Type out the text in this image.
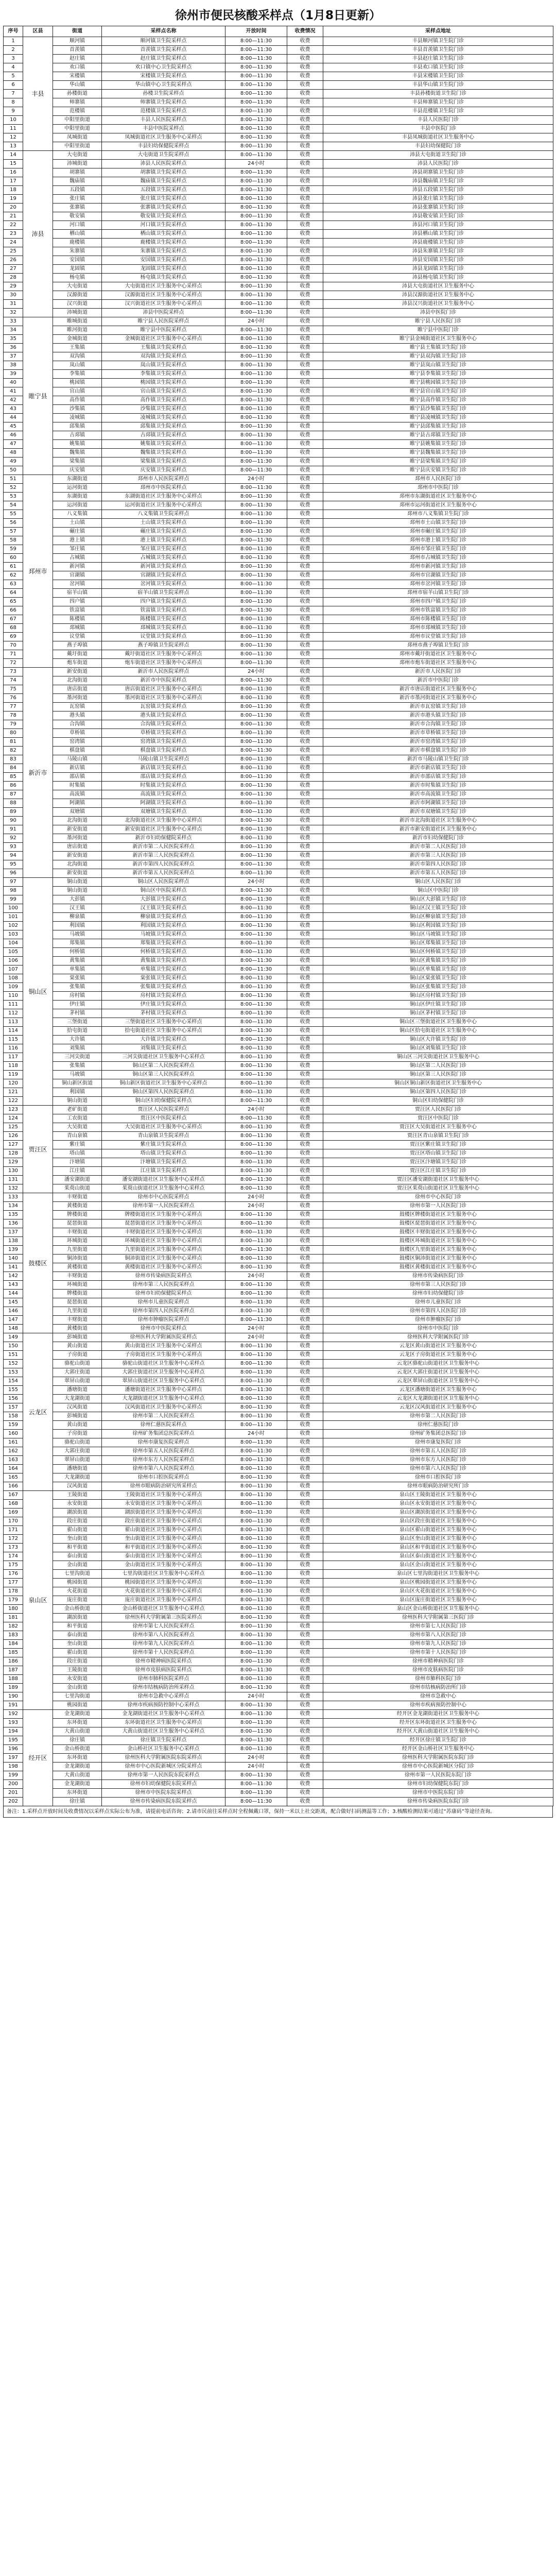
徐州市便民核酸采样点（1月8日更新）
序号	区县	街道	采样点名称	开放时间	收费情况	采样点地址
1	丰县	顺河镇	顺河镇卫生院采样点	8:00—11:30	收费	丰县顺河镇卫生院门诊
2		首羡镇	首羡镇卫生院采样点	8:00—11:30	收费	丰县首羡镇卫生院门诊
3		赵庄镇	赵庄镇卫生院采样点	8:00—11:30	收费	丰县赵庄镇卫生院门诊
4		欢口镇	欢口镇中心卫生院采样点	8:00—11:30	收费	丰县欢口镇卫生院门诊
5		宋楼镇	宋楼镇卫生院采样点	8:00—11:30	收费	丰县宋楼镇卫生院门诊
6		华山镇	华山镇中心卫生院采样点	8:00—11:30	收费	丰县华山镇卫生院门诊
7		孙楼街道	孙楼卫生院采样点	8:00—11:30	收费	丰县孙楼街道卫生院门诊
8		师寨镇	师寨镇卫生院采样点	8:00—11:30	收费	丰县师寨镇卫生院门诊
9		范楼镇	范楼镇卫生院采样点	8:00—11:30	收费	丰县范楼镇卫生院门诊
10		中阳里街道	丰县人民医院采样点	8:00—11:30	收费	丰县人民医院门诊
11		中阳里街道	丰县中医院采样点	8:00—11:30	收费	丰县中医院门诊
12		凤城街道	凤城街道社区卫生服务中心采样点	8:00—11:30	收费	丰县凤城街道社区卫生服务中心
13		中阳里街道	丰县妇幼保健院采样点	8:00—11:30	收费	丰县妇幼保健院门诊
14	沛县	大屯街道	大屯街道卫生院采样点	8:00—11:30	收费	沛县大屯街道卫生院门诊
15		沛城街道	沛县人民医院采样点	24小时	收费	沛县人民医院门诊
16		胡寨镇	胡寨镇卫生院采样点	8:00—11:30	收费	沛县胡寨镇卫生院门诊
17		魏庙镇	魏庙镇卫生院采样点	8:00—11:30	收费	沛县魏庙镇卫生院门诊
18		五段镇	五段镇卫生院采样点	8:00—11:30	收费	沛县五段镇卫生院门诊
19		张庄镇	张庄镇卫生院采样点	8:00—11:30	收费	沛县张庄镇卫生院门诊
20		张寨镇	张寨镇卫生院采样点	8:00—11:30	收费	沛县张寨镇卫生院门诊
21		敬安镇	敬安镇卫生院采样点	8:00—11:30	收费	沛县敬安镇卫生院门诊
22		河口镇	河口镇卫生院采样点	8:00—11:30	收费	沛县河口镇卫生院门诊
23		栖山镇	栖山镇卫生院采样点	8:00—11:30	收费	沛县栖山镇卫生院门诊
24		鹿楼镇	鹿楼镇卫生院采样点	8:00—11:30	收费	沛县鹿楼镇卫生院门诊
25		朱寨镇	朱寨镇卫生院采样点	8:00—11:30	收费	沛县朱寨镇卫生院门诊
26		安国镇	安国镇卫生院采样点	8:00—11:30	收费	沛县安国镇卫生院门诊
27		龙固镇	龙固镇卫生院采样点	8:00—11:30	收费	沛县龙固镇卫生院门诊
28		杨屯镇	杨屯镇卫生院采样点	8:00—11:30	收费	沛县杨屯镇卫生院门诊
29		大屯街道	大屯街道社区卫生服务中心采样点	8:00—11:30	收费	沛县大屯街道社区卫生服务中心
30		汉源街道	汉源街道社区卫生服务中心采样点	8:00—11:30	收费	沛县汉源街道社区卫生服务中心
31		汉兴街道	汉兴街道社区卫生服务中心采样点	8:00—11:30	收费	沛县汉兴街道社区卫生服务中心
32		沛城街道	沛县中医院采样点	8:00—11:30	收费	沛县中医院门诊
33	睢宁县	睢城街道	睢宁县人民医院采样点	24小时	收费	睢宁县人民医院门诊
34		睢河街道	睢宁县中医院采样点	8:00—11:30	收费	睢宁县中医院门诊
35		金城街道	金城街道社区卫生服务中心采样点	8:00—11:30	收费	睢宁县金城街道社区卫生服务中心
36		王集镇	王集镇卫生院采样点	8:00—11:30	收费	睢宁县王集镇卫生院门诊
37		双沟镇	双沟镇卫生院采样点	8:00—11:30	收费	睢宁县双沟镇卫生院门诊
38		岚山镇	岚山镇卫生院采样点	8:00—11:30	收费	睢宁县岚山镇卫生院门诊
39		李集镇	李集镇卫生院采样点	8:00—11:30	收费	睢宁县李集镇卫生院门诊
40		桃园镇	桃园镇卫生院采样点	8:00—11:30	收费	睢宁县桃园镇卫生院门诊
41		官山镇	官山镇卫生院采样点	8:00—11:30	收费	睢宁县官山镇卫生院门诊
42		高作镇	高作镇卫生院采样点	8:00—11:30	收费	睢宁县高作镇卫生院门诊
43		沙集镇	沙集镇卫生院采样点	8:00—11:30	收费	睢宁县沙集镇卫生院门诊
44		凌城镇	凌城镇卫生院采样点	8:00—11:30	收费	睢宁县凌城镇卫生院门诊
45		邱集镇	邱集镇卫生院采样点	8:00—11:30	收费	睢宁县邱集镇卫生院门诊
46		古邳镇	古邳镇卫生院采样点	8:00—11:30	收费	睢宁县古邳镇卫生院门诊
47		姚集镇	姚集镇卫生院采样点	8:00—11:30	收费	睢宁县姚集镇卫生院门诊
48		魏集镇	魏集镇卫生院采样点	8:00—11:30	收费	睢宁县魏集镇卫生院门诊
49		梁集镇	梁集镇卫生院采样点	8:00—11:30	收费	睢宁县梁集镇卫生院门诊
50		庆安镇	庆安镇卫生院采样点	8:00—11:30	收费	睢宁县庆安镇卫生院门诊
51	邳州市	东湖街道	邳州市人民医院采样点	24小时	收费	邳州市人民医院门诊
52		运河街道	邳州市中医院采样点	8:00—11:30	收费	邳州市中医院门诊
53		东湖街道	东湖街道社区卫生服务中心采样点	8:00—11:30	收费	邳州市东湖街道社区卫生服务中心
54		运河街道	运河街道社区卫生服务中心采样点	8:00—11:30	收费	邳州市运河街道社区卫生服务中心
55		八义集镇	八义集镇卫生院采样点	8:00—11:30	收费	邳州市八义集镇卫生院门诊
56		土山镇	土山镇卫生院采样点	8:00—11:30	收费	邳州市土山镇卫生院门诊
57		碾庄镇	碾庄镇卫生院采样点	8:00—11:30	收费	邳州市碾庄镇卫生院门诊
58		港上镇	港上镇卫生院采样点	8:00—11:30	收费	邳州市港上镇卫生院门诊
59		邹庄镇	邹庄镇卫生院采样点	8:00—11:30	收费	邳州市邹庄镇卫生院门诊
60		占城镇	占城镇卫生院采样点	8:00—11:30	收费	邳州市占城镇卫生院门诊
61		新河镇	新河镇卫生院采样点	8:00—11:30	收费	邳州市新河镇卫生院门诊
62		官湖镇	官湖镇卫生院采样点	8:00—11:30	收费	邳州市官湖镇卫生院门诊
63		岔河镇	岔河镇卫生院采样点	8:00—11:30	收费	邳州市岔河镇卫生院门诊
64		宿羊山镇	宿羊山镇卫生院采样点	8:00—11:30	收费	邳州市宿羊山镇卫生院门诊
65		四户镇	四户镇卫生院采样点	8:00—11:30	收费	邳州市四户镇卫生院门诊
66		铁富镇	铁富镇卫生院采样点	8:00—11:30	收费	邳州市铁富镇卫生院门诊
67		陈楼镇	陈楼镇卫生院采样点	8:00—11:30	收费	邳州市陈楼镇卫生院门诊
68		邳城镇	邳城镇卫生院采样点	8:00—11:30	收费	邳州市邳城镇卫生院门诊
69		议堂镇	议堂镇卫生院采样点	8:00—11:30	收费	邳州市议堂镇卫生院门诊
70		燕子埠镇	燕子埠镇卫生院采样点	8:00—11:30	收费	邳州市燕子埠镇卫生院门诊
71		戴圩街道	戴圩街道社区卫生服务中心采样点	8:00—11:30	收费	邳州市戴圩街道社区卫生服务中心
72		炮车街道	炮车街道社区卫生服务中心采样点	8:00—11:30	收费	邳州市炮车街道社区卫生服务中心
73	新沂市	新安街道	新沂市人民医院采样点	24小时	收费	新沂市人民医院门诊
74		北沟街道	新沂市中医院采样点	8:00—11:30	收费	新沂市中医院门诊
75		唐店街道	唐店街道社区卫生服务中心采样点	8:00—11:30	收费	新沂市唐店街道社区卫生服务中心
76		墨河街道	墨河街道社区卫生服务中心采样点	8:00—11:30	收费	新沂市墨河街道社区卫生服务中心
77		瓦窑镇	瓦窑镇卫生院采样点	8:00—11:30	收费	新沂市瓦窑镇卫生院门诊
78		港头镇	港头镇卫生院采样点	8:00—11:30	收费	新沂市港头镇卫生院门诊
79		合沟镇	合沟镇卫生院采样点	8:00—11:30	收费	新沂市合沟镇卫生院门诊
80		草桥镇	草桥镇卫生院采样点	8:00—11:30	收费	新沂市草桥镇卫生院门诊
81		窑湾镇	窑湾镇卫生院采样点	8:00—11:30	收费	新沂市窑湾镇卫生院门诊
82		棋盘镇	棋盘镇卫生院采样点	8:00—11:30	收费	新沂市棋盘镇卫生院门诊
83		马陵山镇	马陵山镇卫生院采样点	8:00—11:30	收费	新沂市马陵山镇卫生院门诊
84		新店镇	新店镇卫生院采样点	8:00—11:30	收费	新沂市新店镇卫生院门诊
85		邵店镇	邵店镇卫生院采样点	8:00—11:30	收费	新沂市邵店镇卫生院门诊
86		时集镇	时集镇卫生院采样点	8:00—11:30	收费	新沂市时集镇卫生院门诊
87		高流镇	高流镇卫生院采样点	8:00—11:30	收费	新沂市高流镇卫生院门诊
88		阿湖镇	阿湖镇卫生院采样点	8:00—11:30	收费	新沂市阿湖镇卫生院门诊
89		双塘镇	双塘镇卫生院采样点	8:00—11:30	收费	新沂市双塘镇卫生院门诊
90		北沟街道	北沟街道社区卫生服务中心采样点	8:00—11:30	收费	新沂市北沟街道社区卫生服务中心
91		新安街道	新安街道社区卫生服务中心采样点	8:00—11:30	收费	新沂市新安街道社区卫生服务中心
92		墨河街道	新沂市妇幼保健院采样点	8:00—11:30	收费	新沂市妇幼保健院门诊
93		唐店街道	新沂市第二人民医院采样点	8:00—11:30	收费	新沂市第二人民医院门诊
94		新安街道	新沂市第三人民医院采样点	8:00—11:30	收费	新沂市第三人民医院门诊
95		北沟街道	新沂市第四人民医院采样点	8:00—11:30	收费	新沂市第四人民医院门诊
96		新安街道	新沂市第五人民医院采样点	8:00—11:30	收费	新沂市第五人民医院门诊
97	铜山区	铜山街道	铜山区人民医院采样点	24小时	收费	铜山区人民医院门诊
98		铜山街道	铜山区中医院采样点	8:00—11:30	收费	铜山区中医院门诊
99		大彭镇	大彭镇卫生院采样点	8:00—11:30	收费	铜山区大彭镇卫生院门诊
100		汉王镇	汉王镇卫生院采样点	8:00—11:30	收费	铜山区汉王镇卫生院门诊
101		柳泉镇	柳泉镇卫生院采样点	8:00—11:30	收费	铜山区柳泉镇卫生院门诊
102		利国镇	利国镇卫生院采样点	8:00—11:30	收费	铜山区利国镇卫生院门诊
103		马坡镇	马坡镇卫生院采样点	8:00—11:30	收费	铜山区马坡镇卫生院门诊
104		郑集镇	郑集镇卫生院采样点	8:00—11:30	收费	铜山区郑集镇卫生院门诊
105		何桥镇	何桥镇卫生院采样点	8:00—11:30	收费	铜山区何桥镇卫生院门诊
106		黄集镇	黄集镇卫生院采样点	8:00—11:30	收费	铜山区黄集镇卫生院门诊
107		单集镇	单集镇卫生院采样点	8:00—11:30	收费	铜山区单集镇卫生院门诊
108		棠张镇	棠张镇卫生院采样点	8:00—11:30	收费	铜山区棠张镇卫生院门诊
109		张集镇	张集镇卫生院采样点	8:00—11:30	收费	铜山区张集镇卫生院门诊
110		房村镇	房村镇卫生院采样点	8:00—11:30	收费	铜山区房村镇卫生院门诊
111		伊庄镇	伊庄镇卫生院采样点	8:00—11:30	收费	铜山区伊庄镇卫生院门诊
112		茅村镇	茅村镇卫生院采样点	8:00—11:30	收费	铜山区茅村镇卫生院门诊
113		三堡街道	三堡街道社区卫生服务中心采样点	8:00—11:30	收费	铜山区三堡街道社区卫生服务中心
114		拾屯街道	拾屯街道社区卫生服务中心采样点	8:00—11:30	收费	铜山区拾屯街道社区卫生服务中心
115		大许镇	大许镇卫生院采样点	8:00—11:30	收费	铜山区大许镇卫生院门诊
116		刘集镇	刘集镇卫生院采样点	8:00—11:30	收费	铜山区刘集镇卫生院门诊
117		三河尖街道	三河尖街道社区卫生服务中心采样点	8:00—11:30	收费	铜山区三河尖街道社区卫生服务中心
118		张集镇	铜山区第二人民医院采样点	8:00—11:30	收费	铜山区第二人民医院门诊
119		马坡镇	铜山区第三人民医院采样点	8:00—11:30	收费	铜山区第三人民医院门诊
120		铜山新区街道	铜山新区街道社区卫生服务中心采样点	8:00—11:30	收费	铜山区铜山新区街道社区卫生服务中心
121		利国镇	铜山区第四人民医院采样点	8:00—11:30	收费	铜山区第四人民医院门诊
122		铜山街道	铜山区妇幼保健院采样点	8:00—11:30	收费	铜山区妇幼保健院门诊
123	贾汪区	老矿街道	贾汪区人民医院采样点	24小时	收费	贾汪区人民医院门诊
124		工农街道	贾汪区中医院采样点	8:00—11:30	收费	贾汪区中医院门诊
125		大吴街道	大吴街道社区卫生服务中心采样点	8:00—11:30	收费	贾汪区大吴街道社区卫生服务中心
126		青山泉镇	青山泉镇卫生院采样点	8:00—11:30	收费	贾汪区青山泉镇卫生院门诊
127		紫庄镇	紫庄镇卫生院采样点	8:00—11:30	收费	贾汪区紫庄镇卫生院门诊
128		塔山镇	塔山镇卫生院采样点	8:00—11:30	收费	贾汪区塔山镇卫生院门诊
129		汴塘镇	汴塘镇卫生院采样点	8:00—11:30	收费	贾汪区汴塘镇卫生院门诊
130		江庄镇	江庄镇卫生院采样点	8:00—11:30	收费	贾汪区江庄镇卫生院门诊
131		潘安湖街道	潘安湖街道社区卫生服务中心采样点	8:00—11:30	收费	贾汪区潘安湖街道社区卫生服务中心
132		茱萸山街道	茱萸山街道社区卫生服务中心采样点	8:00—11:30	收费	贾汪区茱萸山街道社区卫生服务中心
133	鼓楼区	丰财街道	徐州市中心医院采样点	24小时	收费	徐州市中心医院门诊
134		黄楼街道	徐州市第一人民医院采样点	24小时	收费	徐州市第一人民医院门诊
135		牌楼街道	牌楼街道社区卫生服务中心采样点	8:00—11:30	收费	鼓楼区牌楼街道社区卫生服务中心
136		琵琶街道	琵琶街道社区卫生服务中心采样点	8:00—11:30	收费	鼓楼区琵琶街道社区卫生服务中心
137		丰财街道	丰财街道社区卫生服务中心采样点	8:00—11:30	收费	鼓楼区丰财街道社区卫生服务中心
138		环城街道	环城街道社区卫生服务中心采样点	8:00—11:30	收费	鼓楼区环城街道社区卫生服务中心
139		九里街道	九里街道社区卫生服务中心采样点	8:00—11:30	收费	鼓楼区九里街道社区卫生服务中心
140		铜沛街道	铜沛街道社区卫生服务中心采样点	8:00—11:30	收费	鼓楼区铜沛街道社区卫生服务中心
141		黄楼街道	黄楼街道社区卫生服务中心采样点	8:00—11:30	收费	鼓楼区黄楼街道社区卫生服务中心
142		丰财街道	徐州市传染病医院采样点	24小时	收费	徐州市传染病医院门诊
143		环城街道	徐州市第三人民医院采样点	8:00—11:30	收费	徐州市第三人民医院门诊
144		牌楼街道	徐州市妇幼保健院采样点	8:00—11:30	收费	徐州市妇幼保健院门诊
145		琵琶街道	徐州市儿童医院采样点	8:00—11:30	收费	徐州市儿童医院门诊
146		九里街道	徐州市第四人民医院采样点	8:00—11:30	收费	徐州市第四人民医院门诊
147		丰财街道	徐州市肿瘤医院采样点	8:00—11:30	收费	徐州市肿瘤医院门诊
148		黄楼街道	徐州市中医院采样点	24小时	收费	徐州市中医院门诊
149	云龙区	彭城街道	徐州医科大学附属医院采样点	24小时	收费	徐州医科大学附属医院门诊
150		黄山街道	黄山街道社区卫生服务中心采样点	8:00—11:30	收费	云龙区黄山街道社区卫生服务中心
151		子房街道	子房街道社区卫生服务中心采样点	8:00—11:30	收费	云龙区子房街道社区卫生服务中心
152		骆驼山街道	骆驼山街道社区卫生服务中心采样点	8:00—11:30	收费	云龙区骆驼山街道社区卫生服务中心
153		大郭庄街道	大郭庄街道社区卫生服务中心采样点	8:00—11:30	收费	云龙区大郭庄街道社区卫生服务中心
154		翠屏山街道	翠屏山街道社区卫生服务中心采样点	8:00—11:30	收费	云龙区翠屏山街道社区卫生服务中心
155		潘塘街道	潘塘街道社区卫生服务中心采样点	8:00—11:30	收费	云龙区潘塘街道社区卫生服务中心
156		大龙湖街道	大龙湖街道社区卫生服务中心采样点	8:00—11:30	收费	云龙区大龙湖街道社区卫生服务中心
157		汉风街道	汉风街道社区卫生服务中心采样点	8:00—11:30	收费	云龙区汉风街道社区卫生服务中心
158		彭城街道	徐州市第二人民医院采样点	8:00—11:30	收费	徐州市第二人民医院门诊
159		黄山街道	徐州仁慈医院采样点	8:00—11:30	收费	徐州仁慈医院门诊
160		子房街道	徐州矿务集团总医院采样点	24小时	收费	徐州矿务集团总医院门诊
161		骆驼山街道	徐州市康复医院采样点	8:00—11:30	收费	徐州市康复医院门诊
162		大郭庄街道	徐州市第五人民医院采样点	8:00—11:30	收费	徐州市第五人民医院门诊
163		翠屏山街道	徐州市东方人民医院采样点	8:00—11:30	收费	徐州市东方人民医院门诊
164		潘塘街道	徐州市第六人民医院采样点	8:00—11:30	收费	徐州市第六人民医院门诊
165		大龙湖街道	徐州市口腔医院采样点	8:00—11:30	收费	徐州市口腔医院门诊
166		汉风街道	徐州市眼病防治研究所采样点	8:00—11:30	收费	徐州市眼病防治研究所门诊
167	泉山区	王陵街道	王陵街道社区卫生服务中心采样点	8:00—11:30	收费	泉山区王陵街道社区卫生服务中心
168		永安街道	永安街道社区卫生服务中心采样点	8:00—11:30	收费	泉山区永安街道社区卫生服务中心
169		湖滨街道	湖滨街道社区卫生服务中心采样点	8:00—11:30	收费	泉山区湖滨街道社区卫生服务中心
170		段庄街道	段庄街道社区卫生服务中心采样点	8:00—11:30	收费	泉山区段庄街道社区卫生服务中心
171		翟山街道	翟山街道社区卫生服务中心采样点	8:00—11:30	收费	泉山区翟山街道社区卫生服务中心
172		奎山街道	奎山街道社区卫生服务中心采样点	8:00—11:30	收费	泉山区奎山街道社区卫生服务中心
173		和平街道	和平街道社区卫生服务中心采样点	8:00—11:30	收费	泉山区和平街道社区卫生服务中心
174		泰山街道	泰山街道社区卫生服务中心采样点	8:00—11:30	收费	泉山区泰山街道社区卫生服务中心
175		金山街道	金山街道社区卫生服务中心采样点	8:00—11:30	收费	泉山区金山街道社区卫生服务中心
176		七里沟街道	七里沟街道社区卫生服务中心采样点	8:00—11:30	收费	泉山区七里沟街道社区卫生服务中心
177		桃园街道	桃园街道社区卫生服务中心采样点	8:00—11:30	收费	泉山区桃园街道社区卫生服务中心
178		火花街道	火花街道社区卫生服务中心采样点	8:00—11:30	收费	泉山区火花街道社区卫生服务中心
179		庞庄街道	庞庄街道社区卫生服务中心采样点	8:00—11:30	收费	泉山区庞庄街道社区卫生服务中心
180		金山桥街道	金山桥街道社区卫生服务中心采样点	8:00—11:30	收费	泉山区金山桥街道社区卫生服务中心
181		湖滨街道	徐州医科大学附属第三医院采样点	8:00—11:30	收费	徐州医科大学附属第三医院门诊
182		和平街道	徐州市第七人民医院采样点	8:00—11:30	收费	徐州市第七人民医院门诊
183		泰山街道	徐州市第八人民医院采样点	8:00—11:30	收费	徐州市第八人民医院门诊
184		奎山街道	徐州市第九人民医院采样点	8:00—11:30	收费	徐州市第九人民医院门诊
185		翟山街道	徐州市第十人民医院采样点	8:00—11:30	收费	徐州市第十人民医院门诊
186		段庄街道	徐州市精神病医院采样点	8:00—11:30	收费	徐州市精神病医院门诊
187		王陵街道	徐州市皮肤病医院采样点	8:00—11:30	收费	徐州市皮肤病医院门诊
188		永安街道	徐州市肺科医院采样点	8:00—11:30	收费	徐州市肺科医院门诊
189		金山街道	徐州市结核病防治所采样点	8:00—11:30	收费	徐州市结核病防治所门诊
190		七里沟街道	徐州市急救中心采样点	24小时	收费	徐州市急救中心
191		桃园街道	徐州市疾病预防控制中心采样点	8:00—11:30	收费	徐州市疾病预防控制中心
192	经开区	金龙湖街道	金龙湖街道社区卫生服务中心采样点	8:00—11:30	收费	经开区金龙湖街道社区卫生服务中心
193		东环街道	东环街道社区卫生服务中心采样点	8:00—11:30	收费	经开区东环街道社区卫生服务中心
194		大黄山街道	大黄山街道社区卫生服务中心采样点	8:00—11:30	收费	经开区大黄山街道社区卫生服务中心
195		徐庄镇	徐庄镇卫生院采样点	8:00—11:30	收费	经开区徐庄镇卫生院门诊
196		金山桥街道	金山桥社区卫生服务中心采样点	8:00—11:30	收费	经开区金山桥社区卫生服务中心
197		东环街道	徐州医科大学附属医院东院采样点	24小时	收费	徐州医科大学附属医院东院门诊
198		金龙湖街道	徐州市中心医院新城区分院采样点	24小时	收费	徐州市中心医院新城区分院门诊
199		大黄山街道	徐州市第一人民医院东院采样点	8:00—11:30	收费	徐州市第一人民医院东院门诊
200		金龙湖街道	徐州市妇幼保健院东院采样点	8:00—11:30	收费	徐州市妇幼保健院东院门诊
201		东环街道	徐州市中医院东院采样点	8:00—11:30	收费	徐州市中医院东院门诊
202		徐庄镇	徐州市传染病医院东院采样点	8:00—11:30	收费	徐州市传染病医院东院门诊
备注：1.采样点开放时间及收费情况以采样点实际公布为准，请提前电话咨询；2.请市民前往采样点时全程佩戴口罩，保持一米以上社交距离，配合做好扫码测温等工作；3.核酸检测结果可通过“苏康码”等途径查询。
